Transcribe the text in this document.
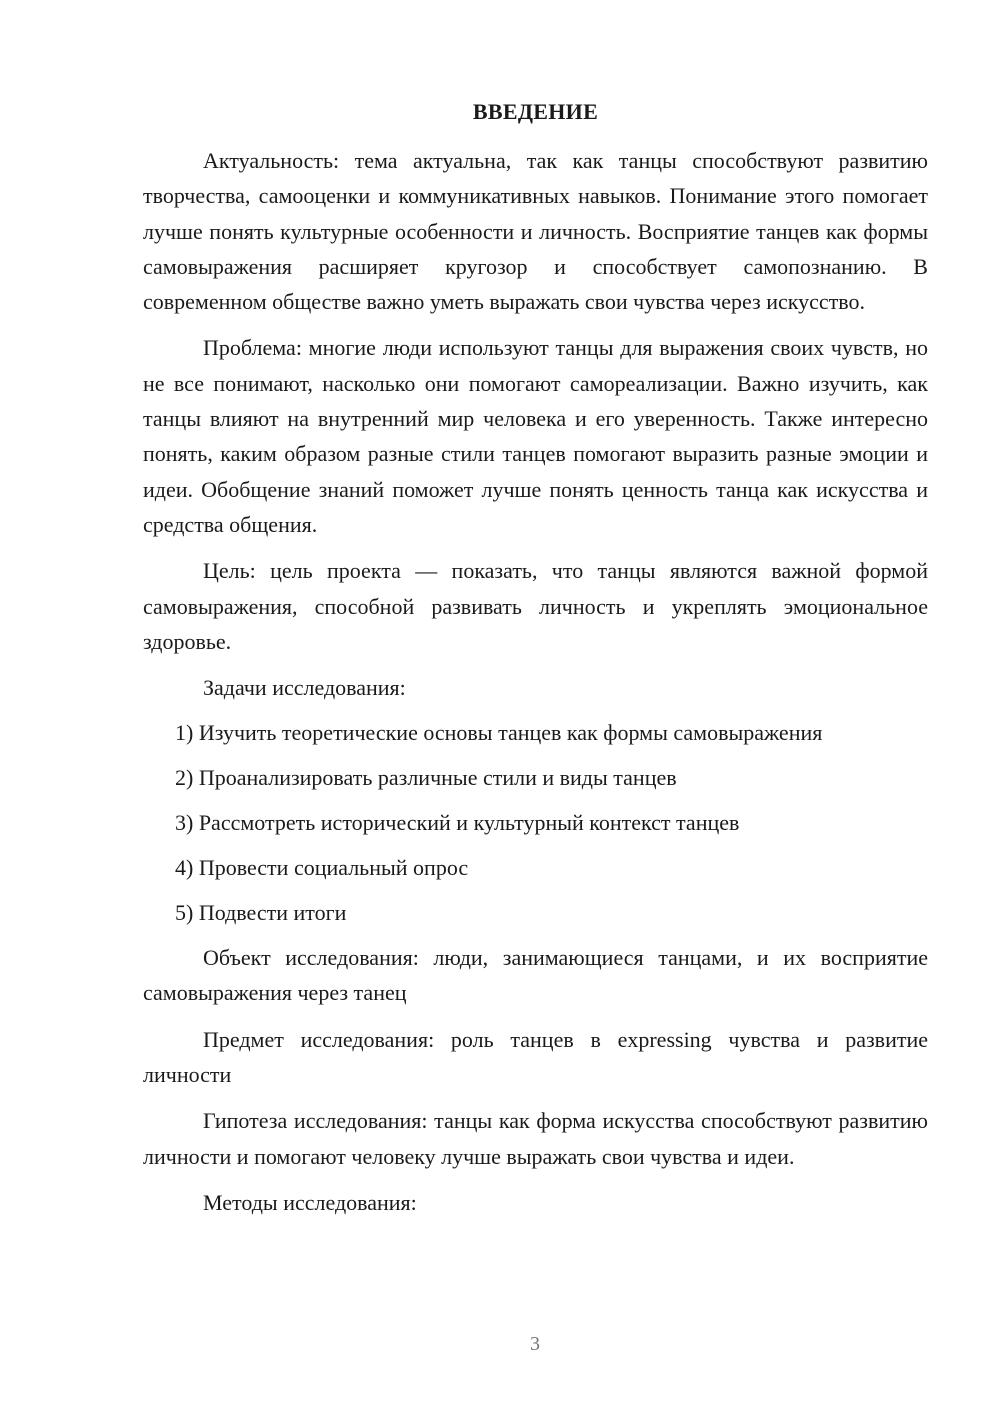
ВВЕДЕНИЕ

Актуальность: тема актуальна, так как танцы способствуют развитию творчества, самооценки и коммуникативных навыков. Понимание этого помогает лучше понять культурные особенности и личность. Восприятие танцев как формы самовыражения расширяет кругозор и способствует самопознанию. В современном обществе важно уметь выражать свои чувства через искусство.

Проблема: многие люди используют танцы для выражения своих чувств, но не все понимают, насколько они помогают самореализации. Важно изучить, как танцы влияют на внутренний мир человека и его уверенность. Также интересно понять, каким образом разные стили танцев помогают выразить разные эмоции и идеи. Обобщение знаний поможет лучше понять ценность танца как искусства и средства общения.

Цель: цель проекта — показать, что танцы являются важной формой самовыражения, способной развивать личность и укреплять эмоциональное здоровье.

Задачи исследования:

1) Изучить теоретические основы танцев как формы самовыражения
2) Проанализировать различные стили и виды танцев
3) Рассмотреть исторический и культурный контекст танцев
4) Провести социальный опрос
5) Подвести итоги

Объект исследования: люди, занимающиеся танцами, и их восприятие самовыражения через танец

Предмет исследования: роль танцев в expressing чувства и развитие личности

Гипотеза исследования: танцы как форма искусства способствуют развитию личности и помогают человеку лучше выражать свои чувства и идеи.

Методы исследования:

3
